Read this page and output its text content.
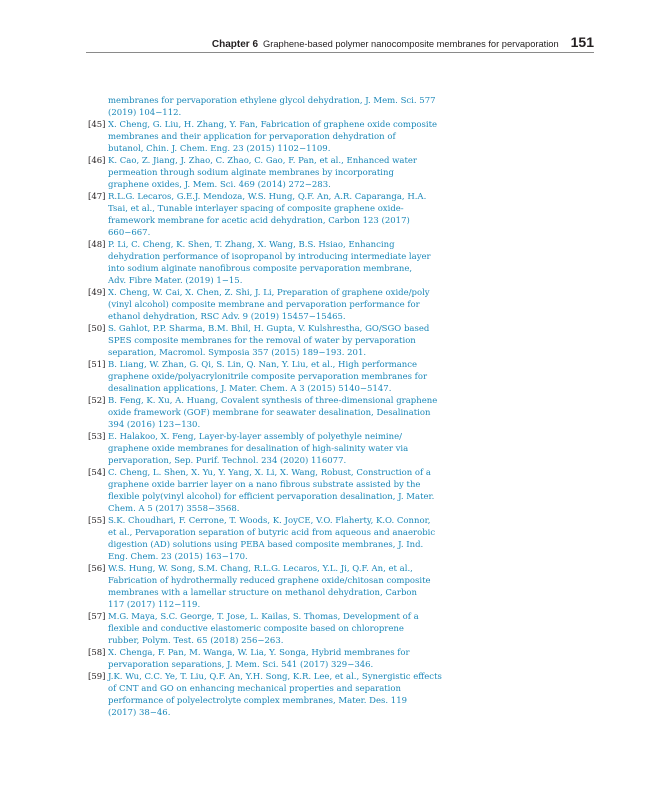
Chapter 6 Graphene-based polymer nanocomposite membranes for pervaporation 151
membranes for pervaporation ethylene glycol dehydration, J. Mem. Sci. 577
(2019) 104−112.
[45] X. Cheng, G. Liu, H. Zhang, Y. Fan, Fabrication of graphene oxide composite
membranes and their application for pervaporation dehydration of
butanol, Chin. J. Chem. Eng. 23 (2015) 1102−1109.
[46] K. Cao, Z. Jiang, J. Zhao, C. Zhao, C. Gao, F. Pan, et al., Enhanced water
permeation through sodium alginate membranes by incorporating
graphene oxides, J. Mem. Sci. 469 (2014) 272−283.
[47] R.L.G. Lecaros, G.E.J. Mendoza, W.S. Hung, Q.F. An, A.R. Caparanga, H.A.
Tsai, et al., Tunable interlayer spacing of composite graphene oxide-
framework membrane for acetic acid dehydration, Carbon 123 (2017)
660−667.
[48] P. Li, C. Cheng, K. Shen, T. Zhang, X. Wang, B.S. Hsiao, Enhancing
dehydration performance of isopropanol by introducing intermediate layer
into sodium alginate nanofibrous composite pervaporation membrane,
Adv. Fibre Mater. (2019) 1−15.
[49] X. Cheng, W. Cai, X. Chen, Z. Shi, J. Li, Preparation of graphene oxide/poly
(vinyl alcohol) composite membrane and pervaporation performance for
ethanol dehydration, RSC Adv. 9 (2019) 15457−15465.
[50] S. Gahlot, P.P. Sharma, B.M. Bhil, H. Gupta, V. Kulshrestha, GO/SGO based
SPES composite membranes for the removal of water by pervaporation
separation, Macromol. Symposia 357 (2015) 189−193. 201.
[51] B. Liang, W. Zhan, G. Qi, S. Lin, Q. Nan, Y. Liu, et al., High performance
graphene oxide/polyacrylonitrile composite pervaporation membranes for
desalination applications, J. Mater. Chem. A 3 (2015) 5140−5147.
[52] B. Feng, K. Xu, A. Huang, Covalent synthesis of three-dimensional graphene
oxide framework (GOF) membrane for seawater desalination, Desalination
394 (2016) 123−130.
[53] E. Halakoo, X. Feng, Layer-by-layer assembly of polyethyle neimine/
graphene oxide membranes for desalination of high-salinity water via
pervaporation, Sep. Purif. Technol. 234 (2020) 116077.
[54] C. Cheng, L. Shen, X. Yu, Y. Yang, X. Li, X. Wang, Robust, Construction of a
graphene oxide barrier layer on a nano fibrous substrate assisted by the
flexible poly(vinyl alcohol) for efficient pervaporation desalination, J. Mater.
Chem. A 5 (2017) 3558−3568.
[55] S.K. Choudhari, F. Cerrone, T. Woods, K. JoyCE, V.O. Flaherty, K.O. Connor,
et al., Pervaporation separation of butyric acid from aqueous and anaerobic
digestion (AD) solutions using PEBA based composite membranes, J. Ind.
Eng. Chem. 23 (2015) 163−170.
[56] W.S. Hung, W. Song, S.M. Chang, R.L.G. Lecaros, Y.L. Ji, Q.F. An, et al.,
Fabrication of hydrothermally reduced graphene oxide/chitosan composite
membranes with a lamellar structure on methanol dehydration, Carbon
117 (2017) 112−119.
[57] M.G. Maya, S.C. George, T. Jose, L. Kailas, S. Thomas, Development of a
flexible and conductive elastomeric composite based on chloroprene
rubber, Polym. Test. 65 (2018) 256−263.
[58] X. Chenga, F. Pan, M. Wanga, W. Lia, Y. Songa, Hybrid membranes for
pervaporation separations, J. Mem. Sci. 541 (2017) 329−346.
[59] J.K. Wu, C.C. Ye, T. Liu, Q.F. An, Y.H. Song, K.R. Lee, et al., Synergistic effects
of CNT and GO on enhancing mechanical properties and separation
performance of polyelectrolyte complex membranes, Mater. Des. 119
(2017) 38−46.
